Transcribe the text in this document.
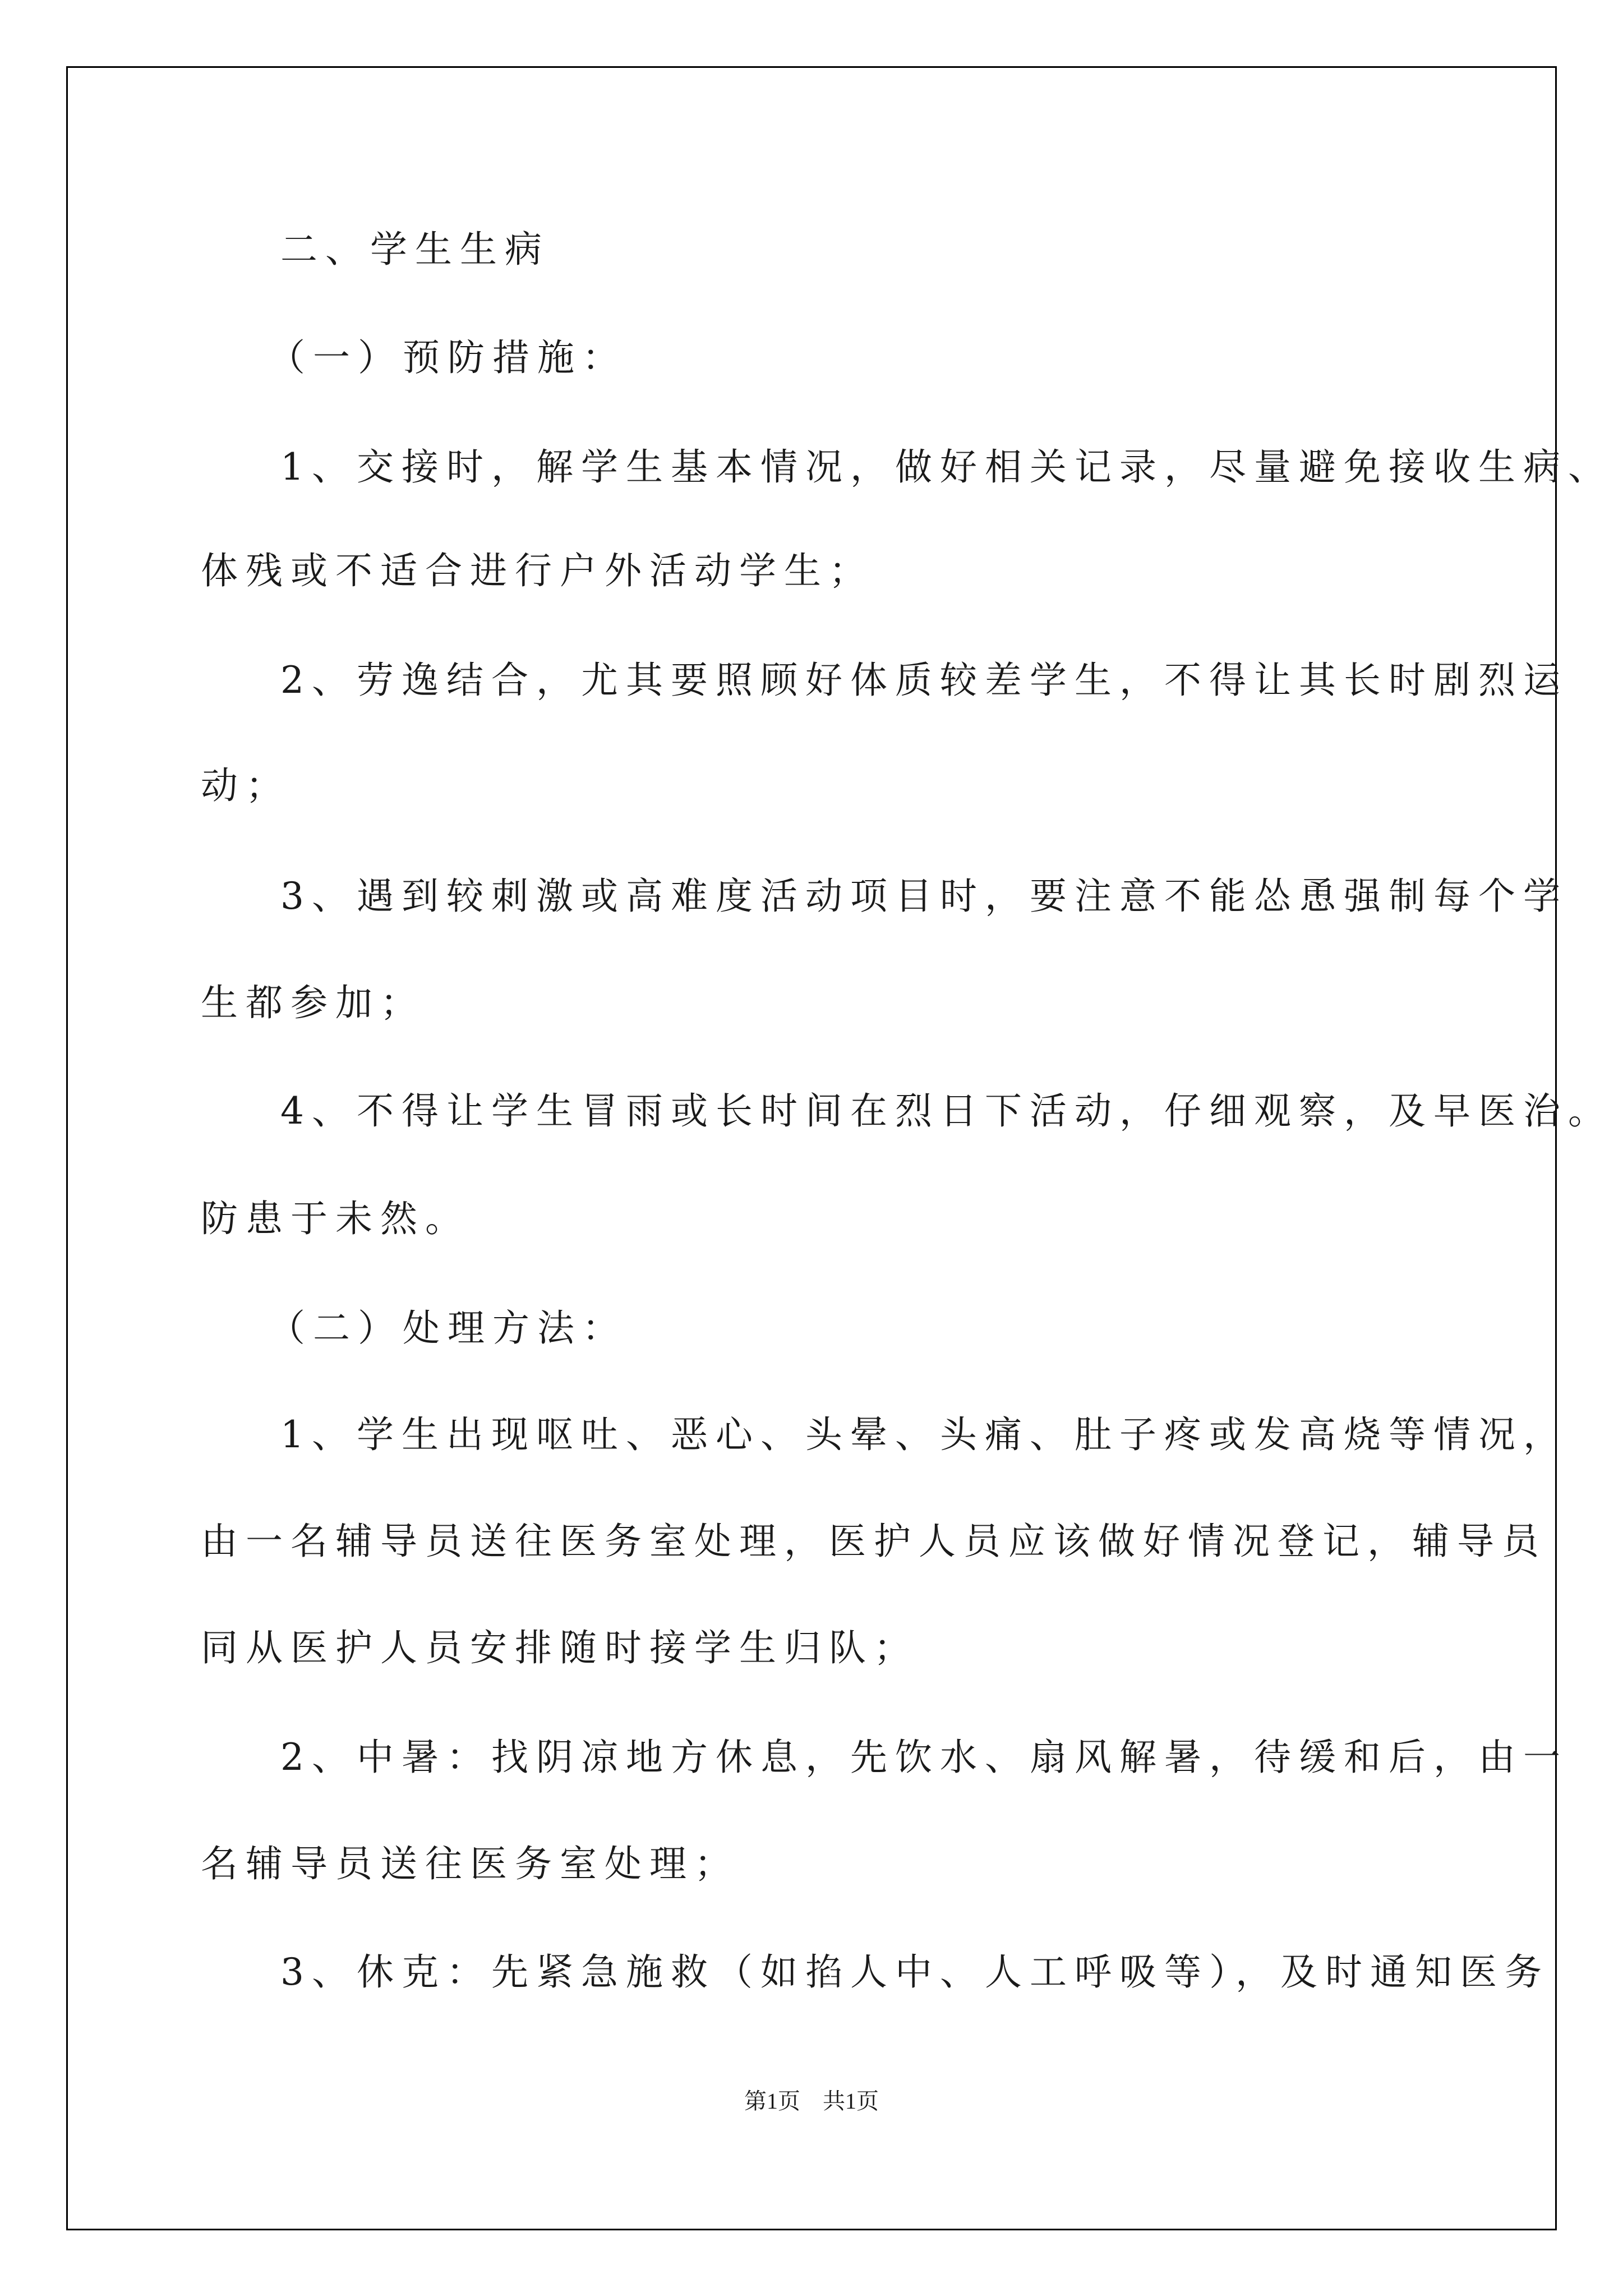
二、学生生病

（一）预防措施：

1、交接时，解学生基本情况，做好相关记录，尽量避免接收生病、

体残或不适合进行户外活动学生；

2、劳逸结合，尤其要照顾好体质较差学生，不得让其长时剧烈运

动；

3、遇到较刺激或高难度活动项目时，要注意不能怂恿强制每个学

生都参加；

4、不得让学生冒雨或长时间在烈日下活动，仔细观察，及早医治。

防患于未然。

（二）处理方法：

1、学生出现呕吐、恶心、头晕、头痛、肚子疼或发高烧等情况，

由一名辅导员送往医务室处理，医护人员应该做好情况登记，辅导员

同从医护人员安排随时接学生归队；

2、中暑：找阴凉地方休息，先饮水、扇风解暑，待缓和后，由一

名辅导员送往医务室处理；

3、休克：先紧急施救（如掐人中、人工呼吸等），及时通知医务

第1页　共1页
